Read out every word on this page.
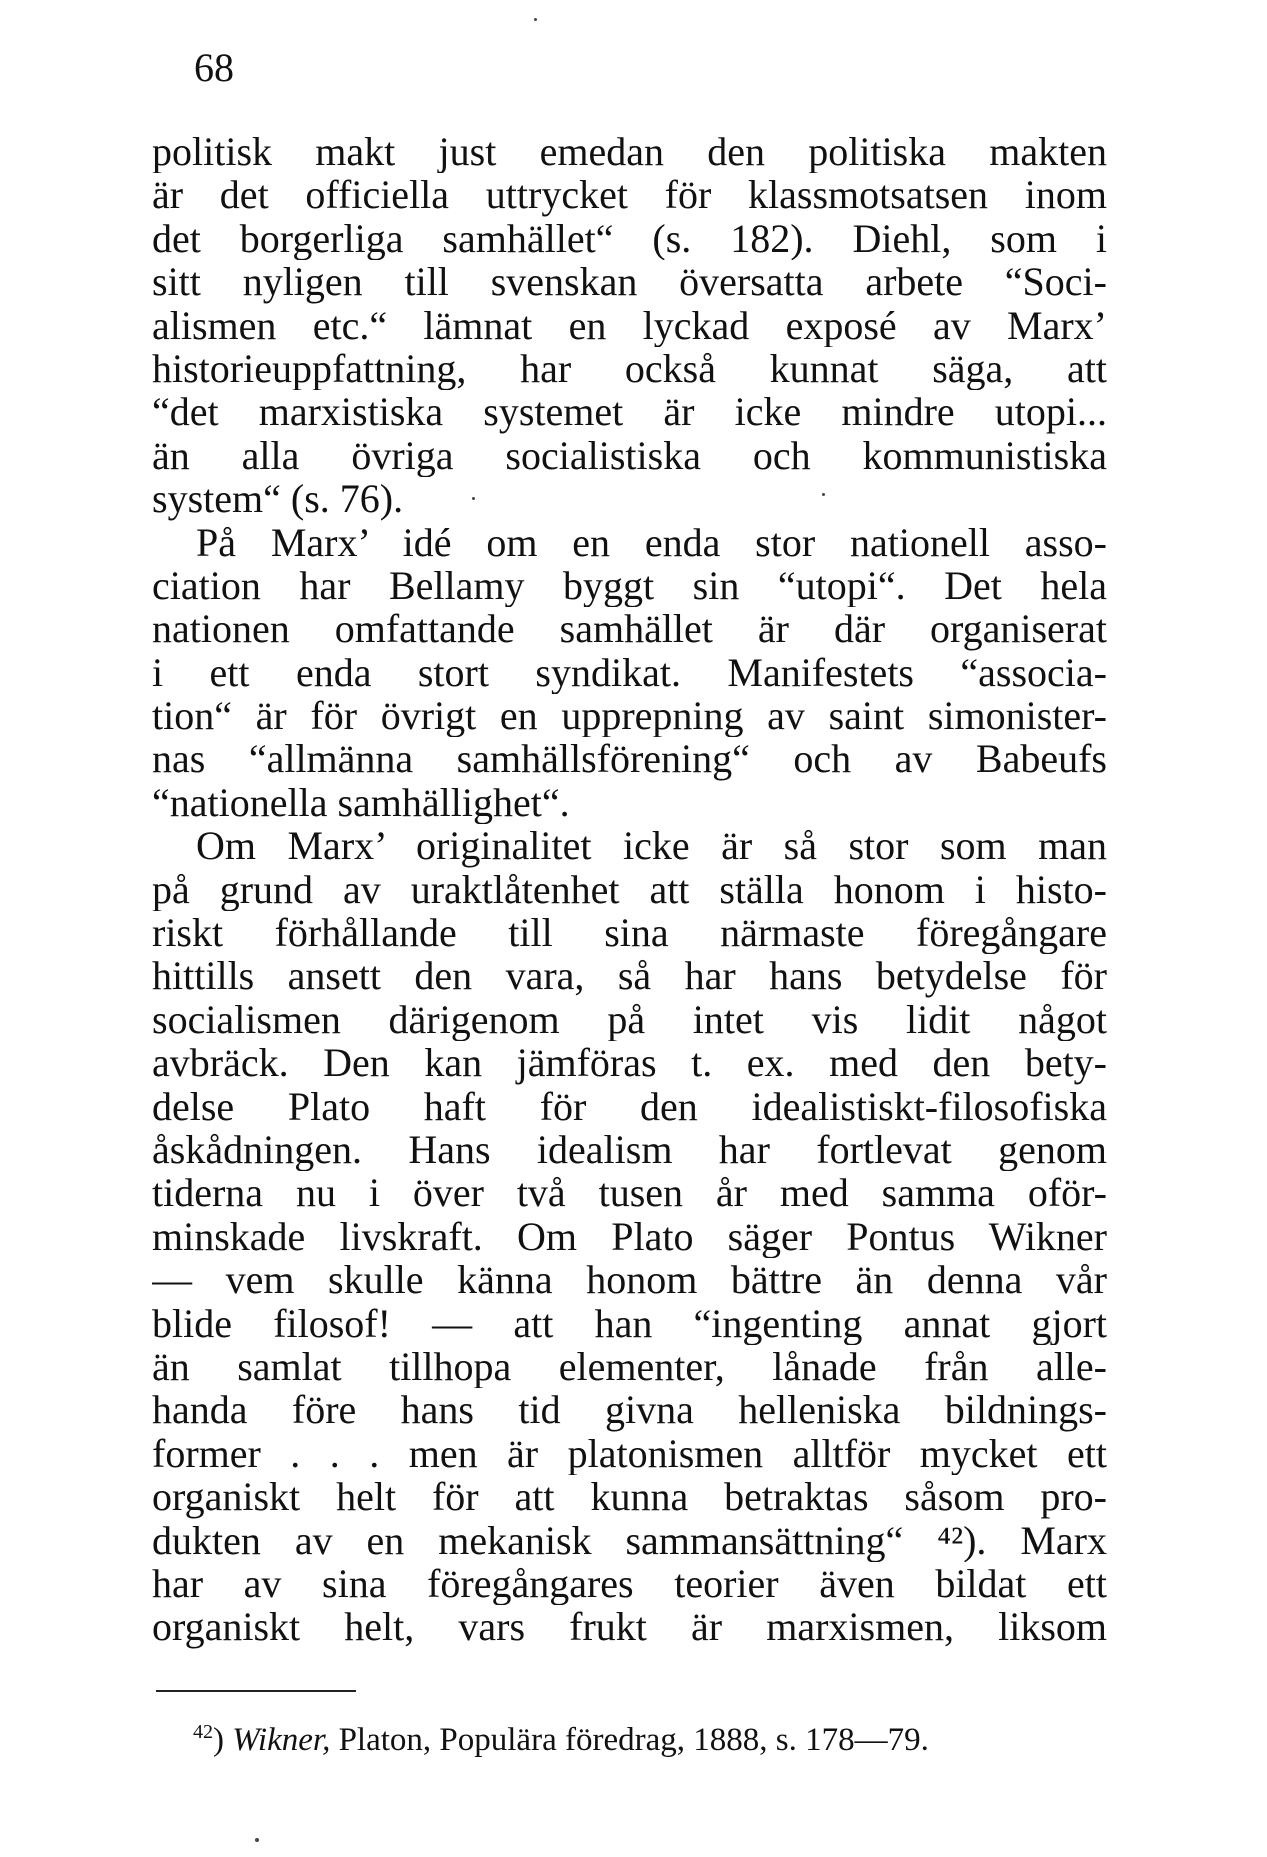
68
politisk makt just emedan den politiska makten
är det officiella uttrycket för klassmotsatsen inom
det borgerliga samhället“ (s. 182). Diehl, som i
sitt nyligen till svenskan översatta arbete “Soci-
alismen etc.“ lämnat en lyckad exposé av Marx’
historieuppfattning, har också kunnat säga, att
“det marxistiska systemet är icke mindre utopi...
än alla övriga socialistiska och kommunistiska
system“ (s. 76).
På Marx’ idé om en enda stor nationell asso-
ciation har Bellamy byggt sin “utopi“. Det hela
nationen omfattande samhället är där organiserat
i ett enda stort syndikat. Manifestets “associa-
tion“ är för övrigt en upprepning av saint simonister-
nas “allmänna samhällsförening“ och av Babeufs
“nationella samhällighet“.
Om Marx’ originalitet icke är så stor som man
på grund av uraktlåtenhet att ställa honom i histo-
riskt förhållande till sina närmaste föregångare
hittills ansett den vara, så har hans betydelse för
socialismen därigenom på intet vis lidit något
avbräck. Den kan jämföras t. ex. med den bety-
delse Plato haft för den idealistiskt-filosofiska
åskådningen. Hans idealism har fortlevat genom
tiderna nu i över två tusen år med samma oför-
minskade livskraft. Om Plato säger Pontus Wikner
— vem skulle känna honom bättre än denna vår
blide filosof! — att han “ingenting annat gjort
än samlat tillhopa elementer, lånade från alle-
handa före hans tid givna helleniska bildnings-
former . . . men är platonismen alltför mycket ett
organiskt helt för att kunna betraktas såsom pro-
dukten av en mekanisk sammansättning“ ⁴²). Marx
har av sina föregångares teorier även bildat ett
organiskt helt, vars frukt är marxismen, liksom
$^{42}$) Wikner, Platon, Populära föredrag, 1888, s. 178—79.
